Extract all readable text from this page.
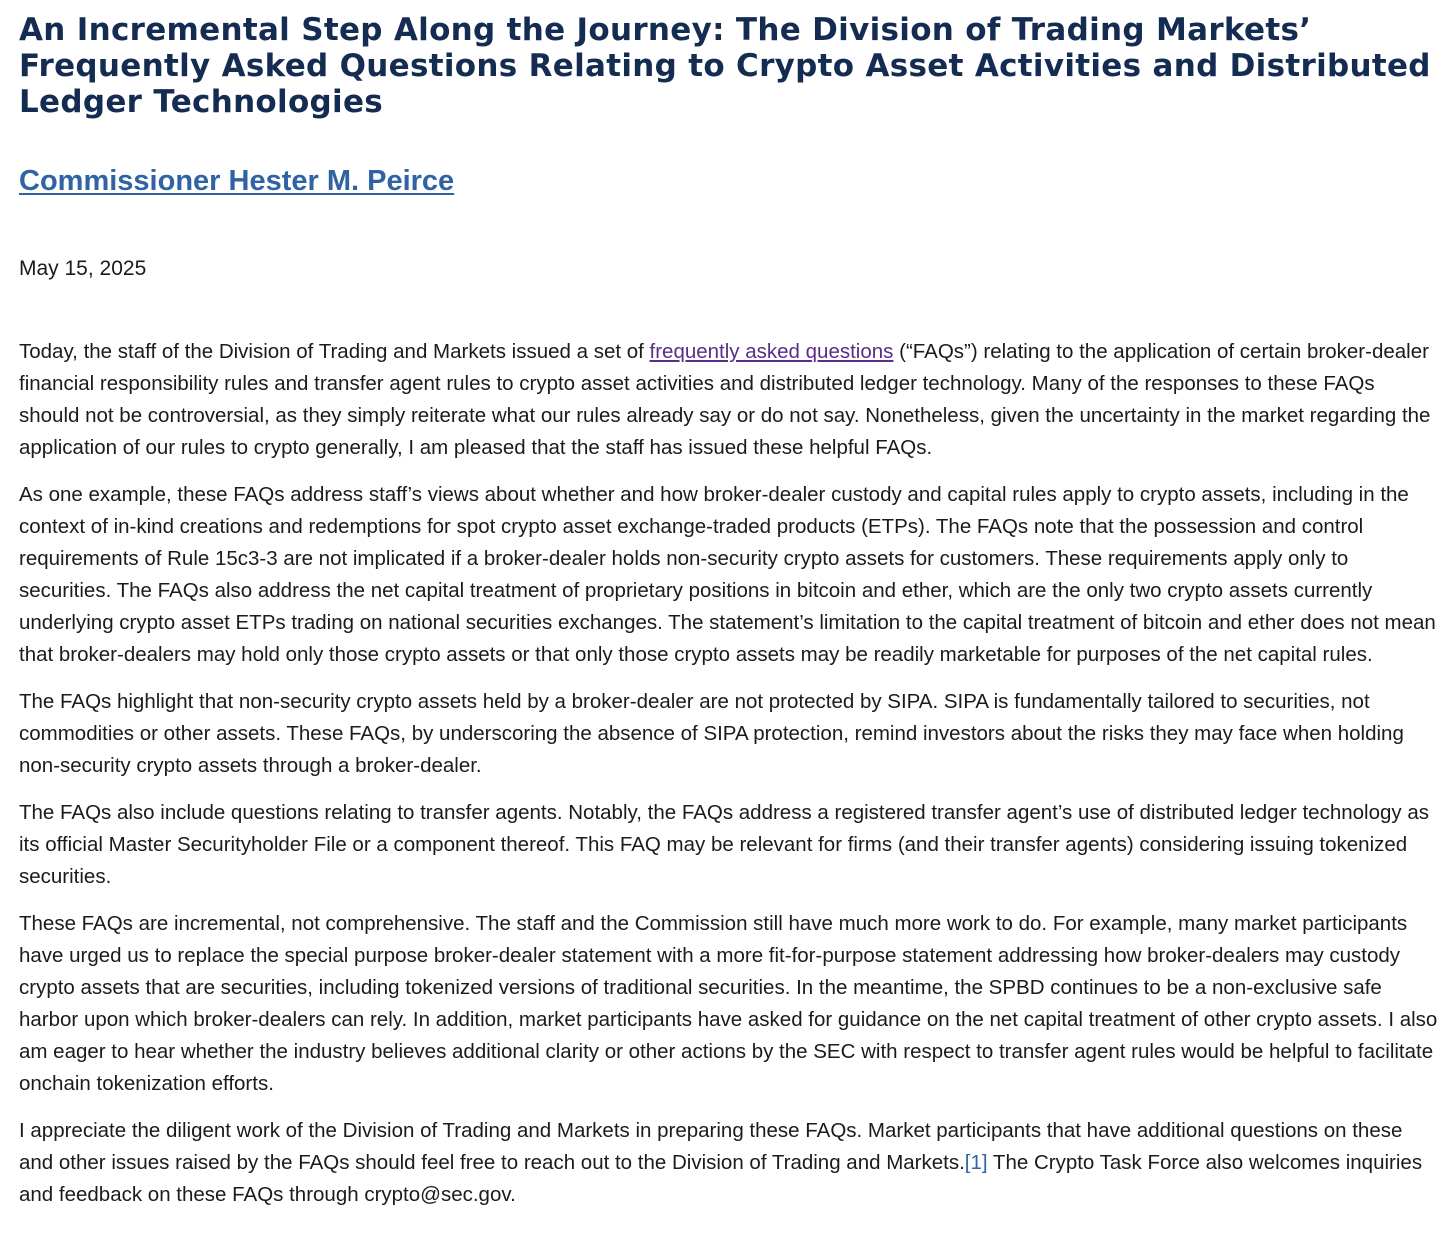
An Incremental Step Along the Journey: The Division of Trading Markets’ Frequently Asked Questions Relating to Crypto Asset Activities and Distributed Ledger Technologies
Commissioner Hester M. Peirce
May 15, 2025

Today, the staff of the Division of Trading and Markets issued a set of frequently asked questions (“FAQs”) relating to the application of certain broker-dealer financial responsibility rules and transfer agent rules to crypto asset activities and distributed ledger technology. Many of the responses to these FAQs should not be controversial, as they simply reiterate what our rules already say or do not say. Nonetheless, given the uncertainty in the market regarding the application of our rules to crypto generally, I am pleased that the staff has issued these helpful FAQs.

As one example, these FAQs address staff’s views about whether and how broker-dealer custody and capital rules apply to crypto assets, including in the context of in-kind creations and redemptions for spot crypto asset exchange-traded products (ETPs). The FAQs note that the possession and control requirements of Rule 15c3-3 are not implicated if a broker-dealer holds non-security crypto assets for customers. These requirements apply only to securities. The FAQs also address the net capital treatment of proprietary positions in bitcoin and ether, which are the only two crypto assets currently underlying crypto asset ETPs trading on national securities exchanges. The statement’s limitation to the capital treatment of bitcoin and ether does not mean that broker-dealers may hold only those crypto assets or that only those crypto assets may be readily marketable for purposes of the net capital rules.

The FAQs highlight that non-security crypto assets held by a broker-dealer are not protected by SIPA. SIPA is fundamentally tailored to securities, not commodities or other assets. These FAQs, by underscoring the absence of SIPA protection, remind investors about the risks they may face when holding non-security crypto assets through a broker-dealer.

The FAQs also include questions relating to transfer agents. Notably, the FAQs address a registered transfer agent’s use of distributed ledger technology as its official Master Securityholder File or a component thereof. This FAQ may be relevant for firms (and their transfer agents) considering issuing tokenized securities.

These FAQs are incremental, not comprehensive. The staff and the Commission still have much more work to do. For example, many market participants have urged us to replace the special purpose broker-dealer statement with a more fit-for-purpose statement addressing how broker-dealers may custody crypto assets that are securities, including tokenized versions of traditional securities. In the meantime, the SPBD continues to be a non-exclusive safe harbor upon which broker-dealers can rely. In addition, market participants have asked for guidance on the net capital treatment of other crypto assets. I also am eager to hear whether the industry believes additional clarity or other actions by the SEC with respect to transfer agent rules would be helpful to facilitate onchain tokenization efforts.

I appreciate the diligent work of the Division of Trading and Markets in preparing these FAQs. Market participants that have additional questions on these and other issues raised by the FAQs should feel free to reach out to the Division of Trading and Markets.[1] The Crypto Task Force also welcomes inquiries and feedback on these FAQs through crypto@sec.gov.
